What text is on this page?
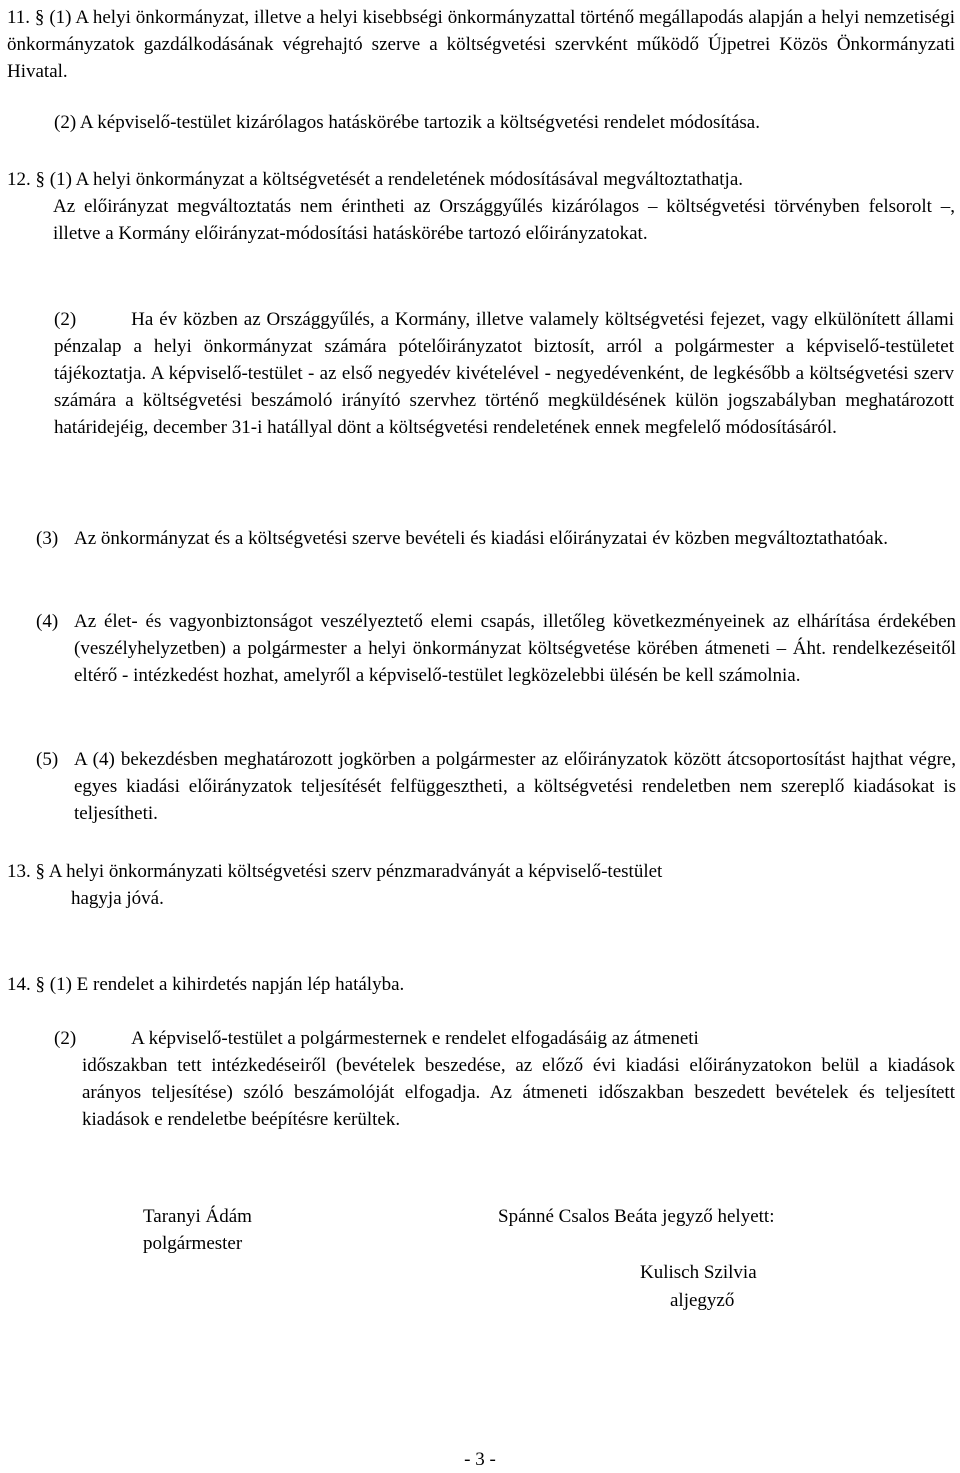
11. § (1) A helyi önkormányzat, illetve a helyi kisebbségi önkormányzattal történő megállapodás alapján a helyi nemzetiségi önkormányzatok gazdálkodásának végrehajtó szerve a költségvetési szervként működő Újpetrei Közös Önkormányzati Hivatal.
(2) A képviselő-testület kizárólagos hatáskörébe tartozik a költségvetési rendelet módosítása.
12. § (1) A helyi önkormányzat a költségvetését a rendeletének módosításával megváltoztathatja.
Az előirányzat megváltoztatás nem érintheti az Országgyűlés kizárólagos – költségvetési törvényben felsorolt –, illetve a Kormány előirányzat-módosítási hatáskörébe tartozó előirányzatokat.
(2)	Ha év közben az Országgyűlés, a Kormány, illetve valamely költségvetési fejezet, vagy elkülönített állami pénzalap a helyi önkormányzat számára pótelőirányzatot biztosít, arról a polgármester a képviselő-testületet tájékoztatja. A képviselő-testület - az első negyedév kivételével - negyedévenként, de legkésőbb a költségvetési szerv számára a költségvetési beszámoló irányító szervhez történő megküldésének külön jogszabályban meghatározott határidejéig, december 31-i hatállyal dönt a költségvetési rendeletének ennek megfelelő módosításáról.
(3) Az önkormányzat és a költségvetési szerve bevételi és kiadási előirányzatai év közben megváltoztathatóak.
(4) Az élet- és vagyonbiztonságot veszélyeztető elemi csapás, illetőleg következményeinek az elhárítása érdekében (veszélyhelyzetben) a polgármester a helyi önkormányzat költségvetése körében átmeneti – Áht. rendelkezéseitől eltérő - intézkedést hozhat, amelyről a képviselő-testület legközelebbi ülésén be kell számolnia.
(5) A (4) bekezdésben meghatározott jogkörben a polgármester az előirányzatok között átcsoportosítást hajthat végre, egyes kiadási előirányzatok teljesítését felfüggesztheti, a költségvetési rendeletben nem szereplő kiadásokat is teljesítheti.
13. § A helyi önkormányzati költségvetési szerv pénzmaradványát a képviselő-testület
hagyja jóvá.
14. § (1) E rendelet a kihirdetés napján lép hatályba.
(2)	A képviselő-testület a polgármesternek e rendelet elfogadásáig az átmeneti
időszakban tett intézkedéseiről (bevételek beszedése, az előző évi kiadási előirányzatokon belül a kiadások arányos teljesítése) szóló beszámolóját elfogadja. Az átmeneti időszakban beszedett bevételek és teljesített kiadások e rendeletbe beépítésre kerültek.
Taranyi Ádám
polgármester
Spánné Csalos Beáta jegyző helyett:
Kulisch Szilvia
aljegyző
- 3 -
